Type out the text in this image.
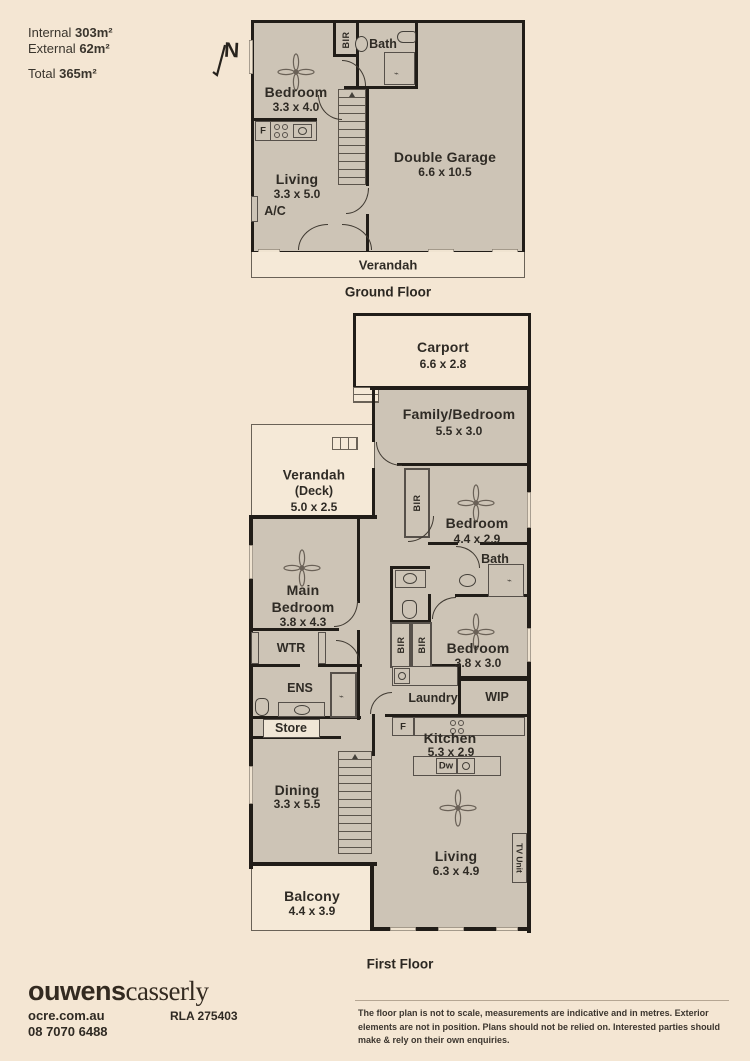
Internal 303m²
External 62m²
Total 365m²
N
⌁
Bedroom
3.3 x 4.0
BIR Bath
F
Living
3.3 x 5.0
A/C
Double Garage
6.6 x 10.5
Verandah
Ground Floor
Carport
6.6 x 2.8
⌁
⌁
TV Unit
Family/Bedroom
5.5 x 3.0
Verandah
(Deck)
5.0 x 2.5	BIR
Bedroom
4.4 x 2.9
Bath
Main
Bedroom
3.8 x 4.3
WTR
ENS
Store
BIR BIR Bedroom
3.8 x 3.0
Laundry WIP
F
Kitchen
5.3 x 2.9
Dw
Dining
3.3 x 5.5
Living
6.3 x 4.9
Balcony
4.4 x 3.9
First Floor
ouwenscasserly
ocre.com.au
08 7070 6488
RLA 275403	The floor plan is not to scale, measurements are indicative and in metres. Exterior elements are not in position. Plans should not be relied on. Interested parties should make & rely on their own enquiries.
